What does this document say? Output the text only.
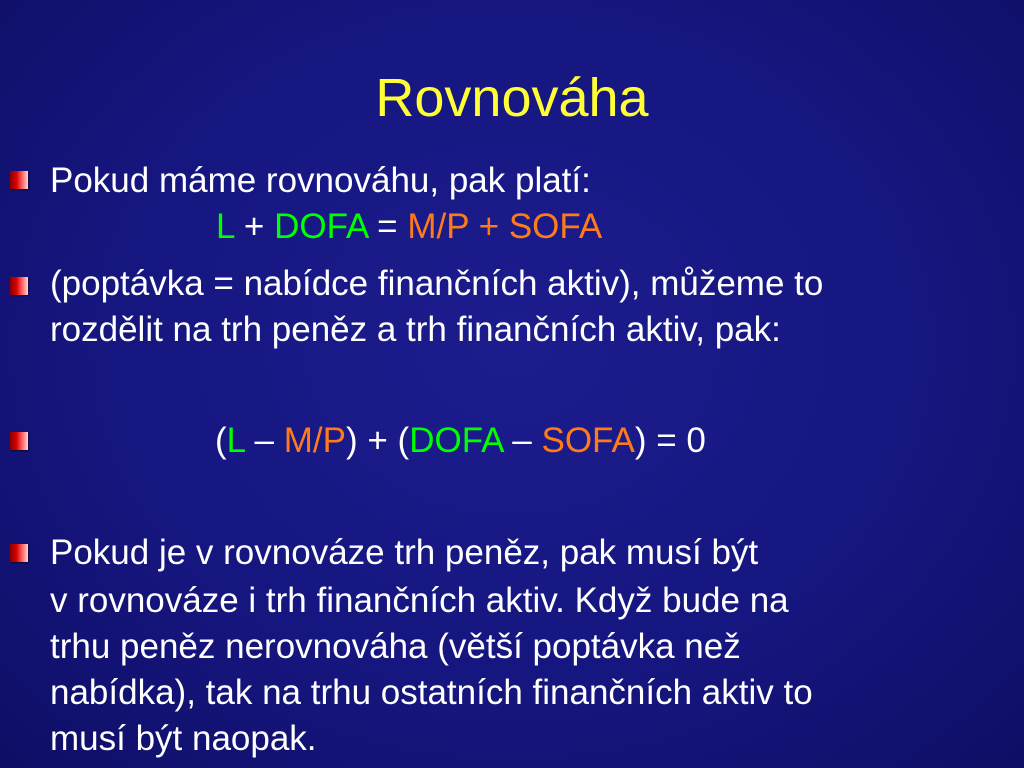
Rovnováha
Pokud máme rovnováhu, pak platí:
L + DOFA = M/P + SOFA
(poptávka = nabídce finančních aktiv), můžeme to
rozdělit na trh peněz a trh finančních aktiv, pak:
(L – M/P) + (DOFA – SOFA) = 0
Pokud je v rovnováze trh peněz, pak musí být
v rovnováze i trh finančních aktiv. Když bude na
trhu peněz nerovnováha (větší poptávka než
nabídka), tak na trhu ostatních finančních aktiv to
musí být naopak.
